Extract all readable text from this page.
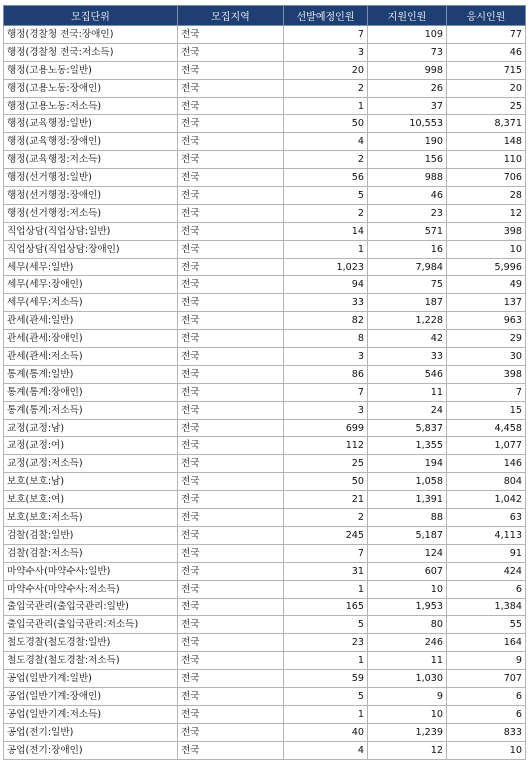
모집단위	모집지역	선발예정인원	지원인원	응시인원
행정(경찰청 전국:장애인)	전국	7	109	77
행정(경찰청 전국:저소득)	전국	3	73	46
행정(고용노동:일반)	전국	20	998	715
행정(고용노동:장애인)	전국	2	26	20
행정(고용노동:저소득)	전국	1	37	25
행정(교육행정:일반)	전국	50	10,553	8,371
행정(교육행정:장애인)	전국	4	190	148
행정(교육행정:저소득)	전국	2	156	110
행정(선거행정:일반)	전국	56	988	706
행정(선거행정:장애인)	전국	5	46	28
행정(선거행정:저소득)	전국	2	23	12
직업상담(직업상담:일반)	전국	14	571	398
직업상담(직업상담:장애인)	전국	1	16	10
세무(세무:일반)	전국	1,023	7,984	5,996
세무(세무:장애인)	전국	94	75	49
세무(세무:저소득)	전국	33	187	137
관세(관세:일반)	전국	82	1,228	963
관세(관세:장애인)	전국	8	42	29
관세(관세:저소득)	전국	3	33	30
통계(통계:일반)	전국	86	546	398
통계(통계:장애인)	전국	7	11	7
통계(통계:저소득)	전국	3	24	15
교정(교정:남)	전국	699	5,837	4,458
교정(교정:여)	전국	112	1,355	1,077
교정(교정:저소득)	전국	25	194	146
보호(보호:남)	전국	50	1,058	804
보호(보호:여)	전국	21	1,391	1,042
보호(보호:저소득)	전국	2	88	63
검찰(검찰:일반)	전국	245	5,187	4,113
검찰(검찰:저소득)	전국	7	124	91
마약수사(마약수사:일반)	전국	31	607	424
마약수사(마약수사:저소득)	전국	1	10	6
출입국관리(출입국관리:일반)	전국	165	1,953	1,384
출입국관리(출입국관리:저소득)	전국	5	80	55
철도경찰(철도경찰:일반)	전국	23	246	164
철도경찰(철도경찰:저소득)	전국	1	11	9
공업(일반기계:일반)	전국	59	1,030	707
공업(일반기계:장애인)	전국	5	9	6
공업(일반기계:저소득)	전국	1	10	6
공업(전기:일반)	전국	40	1,239	833
공업(전기:장애인)	전국	4	12	10
